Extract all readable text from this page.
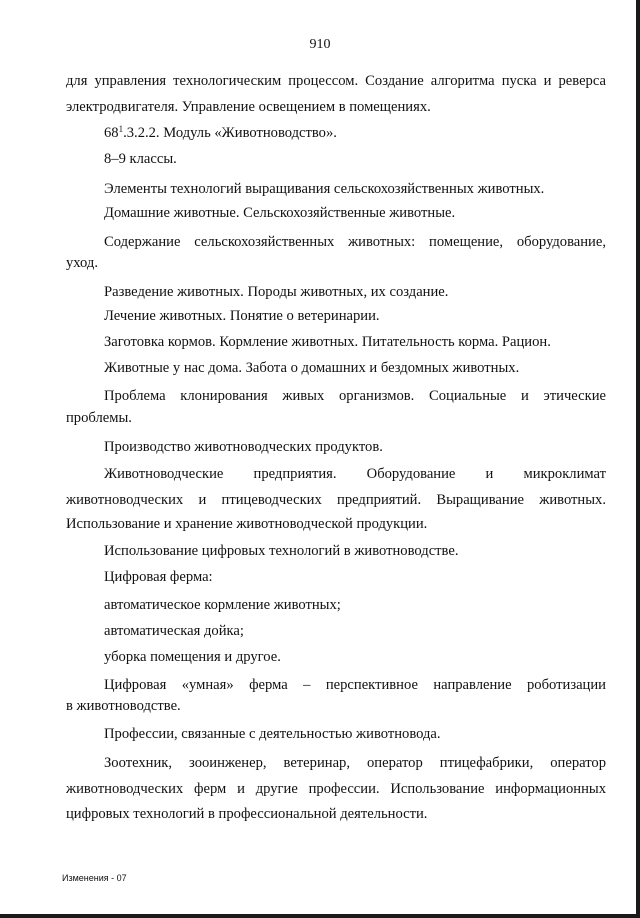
910
для управления технологическим процессом. Создание алгоритма пуска и реверса
электродвигателя. Управление освещением в помещениях.
$68^1.3.2.2$. Модуль «Животноводство».
8–9 классы.
Элементы технологий выращивания сельскохозяйственных животных.
Домашние животные. Сельскохозяйственные животные.
Содержание сельскохозяйственных животных: помещение, оборудование,
уход.
Разведение животных. Породы животных, их создание.
Лечение животных. Понятие о ветеринарии.
Заготовка кормов. Кормление животных. Питательность корма. Рацион.
Животные у нас дома. Забота о домашних и бездомных животных.
Проблема клонирования живых организмов. Социальные и этические
проблемы.
Производство животноводческих продуктов.
Животноводческие предприятия. Оборудование и микроклимат
животноводческих и птицеводческих предприятий. Выращивание животных.
Использование и хранение животноводческой продукции.
Использование цифровых технологий в животноводстве.
Цифровая ферма:
автоматическое кормление животных;
автоматическая дойка;
уборка помещения и другое.
Цифровая «умная» ферма – перспективное направление роботизации
в животноводстве.
Профессии, связанные с деятельностью животновода.
Зоотехник, зооинженер, ветеринар, оператор птицефабрики, оператор
животноводческих ферм и другие профессии. Использование информационных
цифровых технологий в профессиональной деятельности.
Изменения - 07
